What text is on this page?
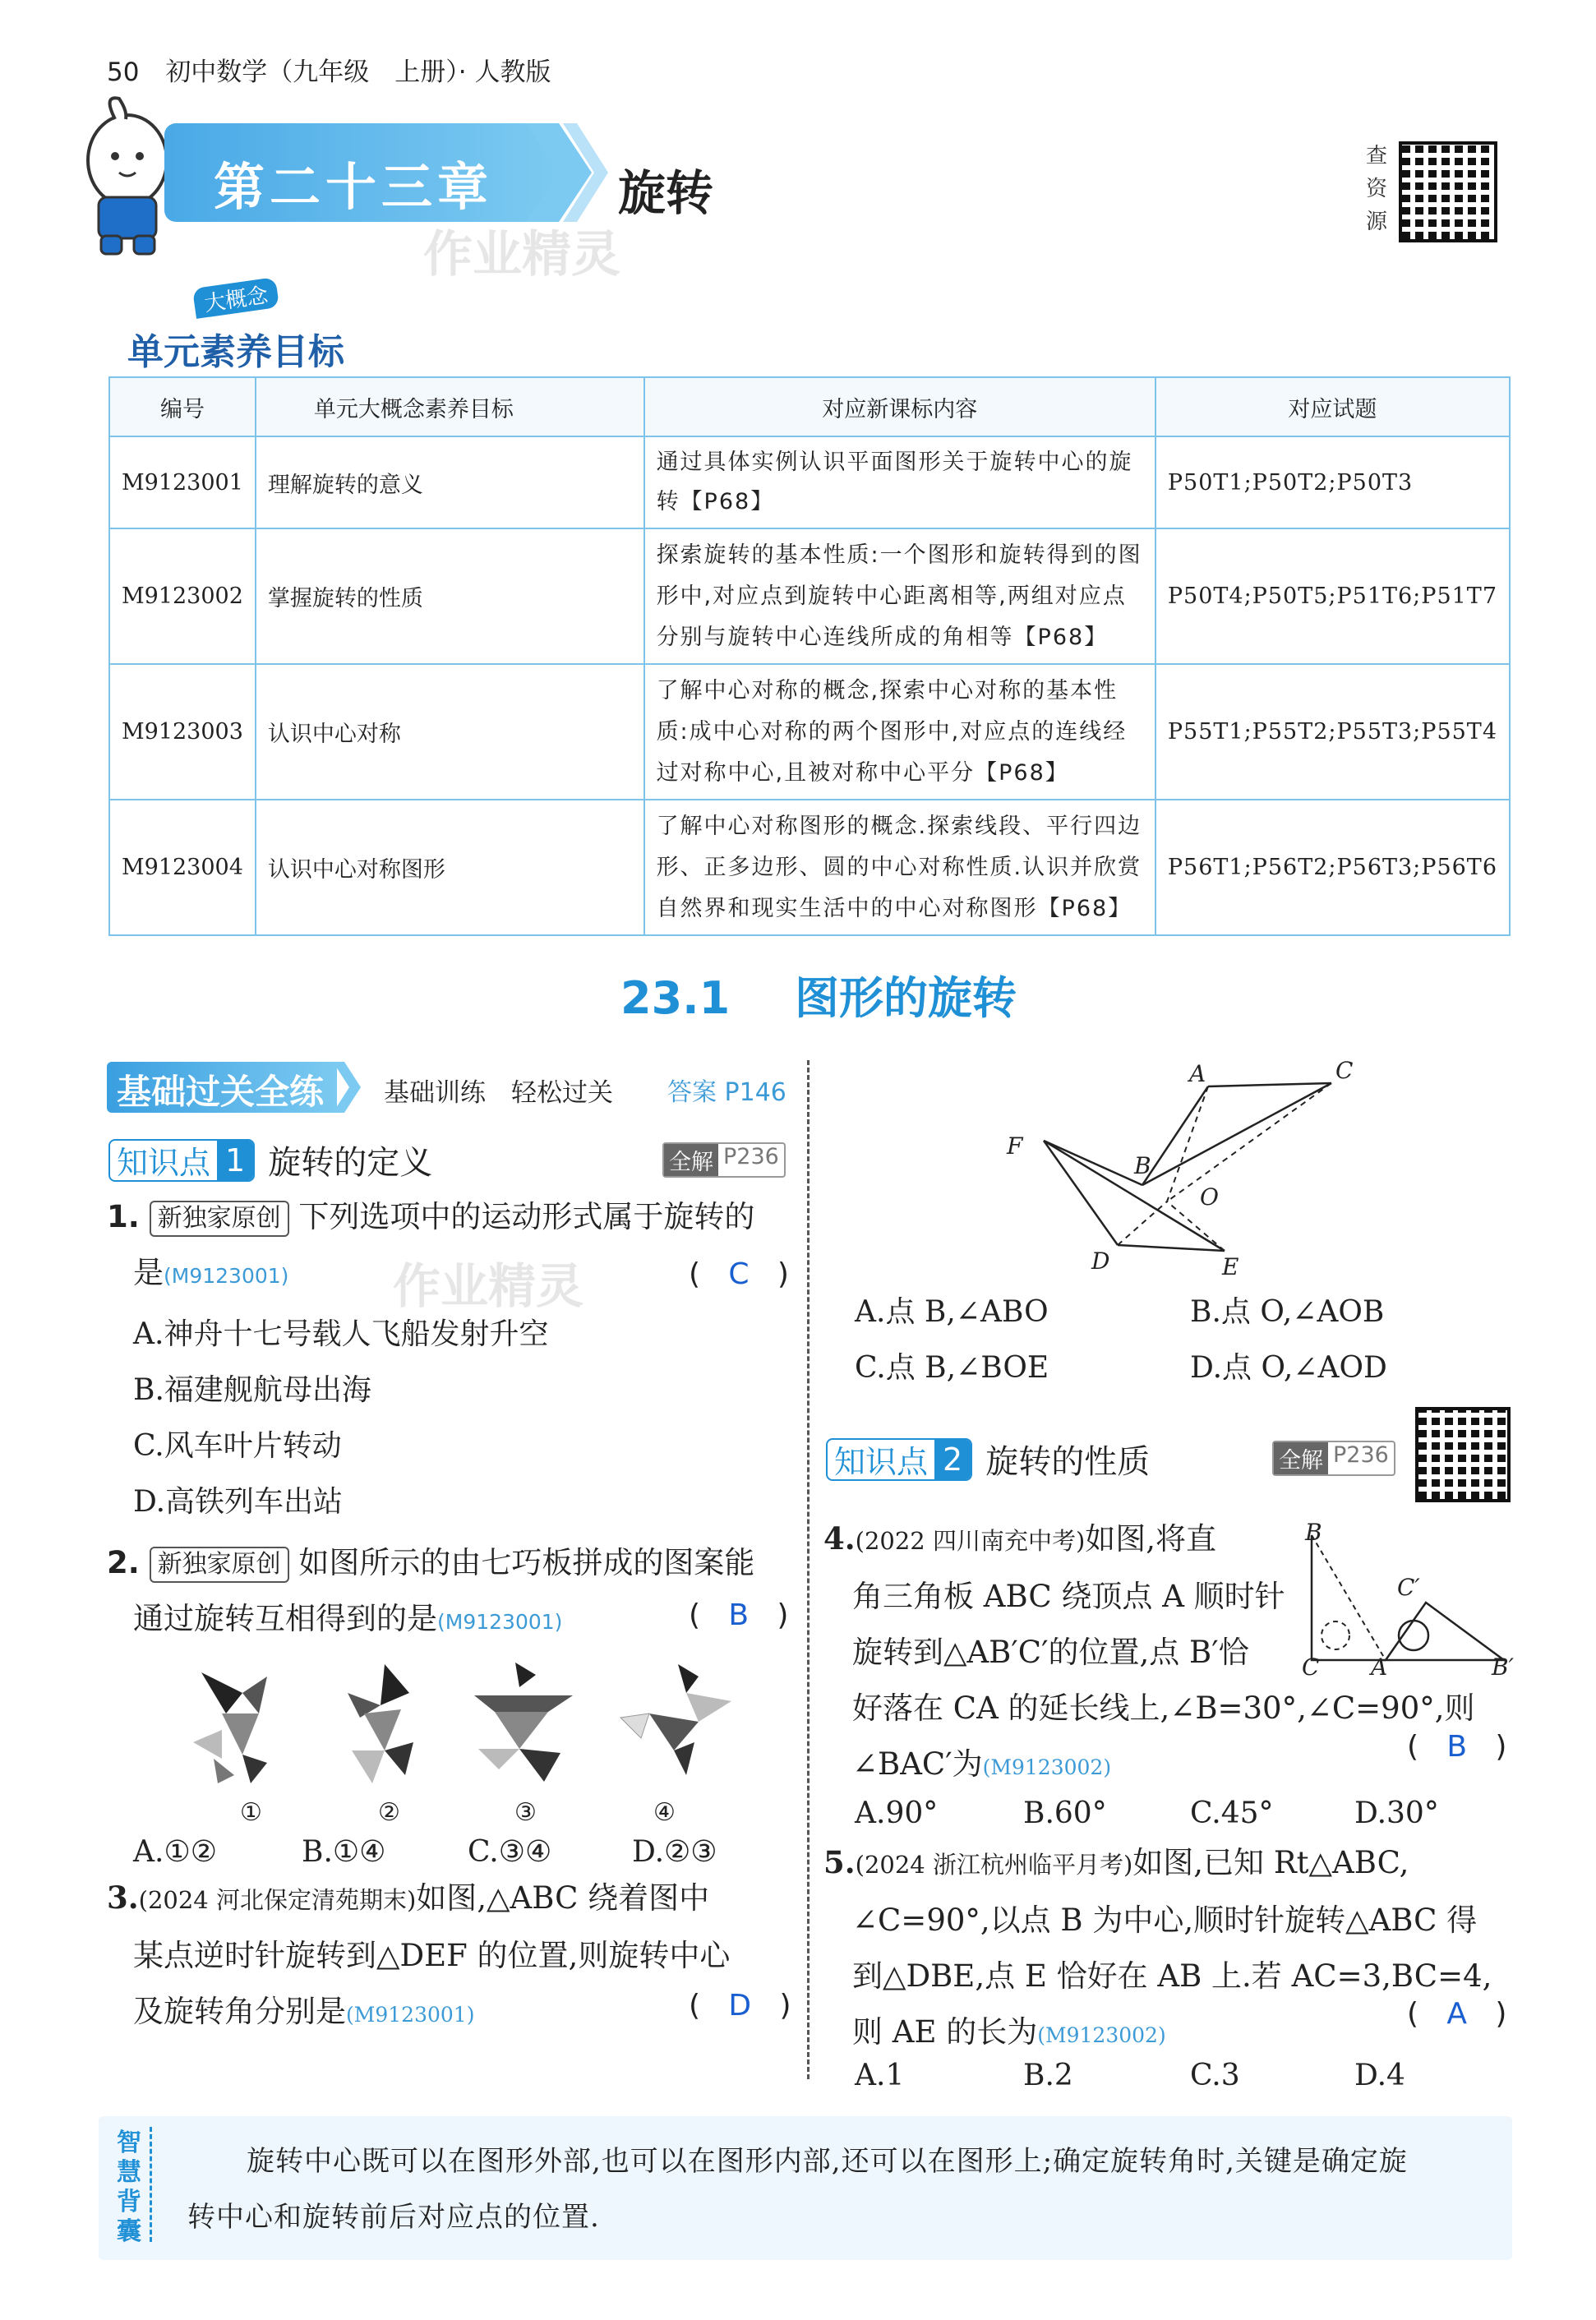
50 初中数学（九年级　上册）· 人教版
第二十三章	旋转
作业精灵
查资源
大概念
单元素养目标
编号	单元大概念素养目标	对应新课标内容	对应试题
M9123001	理解旋转的意义	通过具体实例认识平面图形关于旋转中心的旋转【P68】	P50T1;P50T2;P50T3
M9123002	掌握旋转的性质	探索旋转的基本性质:一个图形和旋转得到的图形中,对应点到旋转中心距离相等,两组对应点分别与旋转中心连线所成的角相等【P68】	P50T4;P50T5;P51T6;P51T7
M9123003	认识中心对称	了解中心对称的概念,探索中心对称的基本性质:成中心对称的两个图形中,对应点的连线经过对称中心,且被对称中心平分【P68】	P55T1;P55T2;P55T3;P55T4
M9123004	认识中心对称图形	了解中心对称图形的概念.探索线段、平行四边形、正多边形、圆的中心对称性质.认识并欣赏自然界和现实生活中的中心对称图形【P68】	P56T1;P56T2;P56T3;P56T6
23.1 图形的旋转
基础过关全练 基础训练　轻松过关 答案 P146
知识点 1 旋转的定义	全解 P236
1. 新独家原创 下列选项中的运动形式属于旋转的
是(M9123001)	(   C   )
作业精灵
A.神舟十七号载人飞船发射升空
B.福建舰航母出海
C.风车叶片转动
D.高铁列车出站
2. 新独家原创 如图所示的由七巧板拼成的图案能
通过旋转互相得到的是(M9123001)	(   B   )
①	②	③	④
A.①②	B.①④	C.③④	D.②③
3.(2024 河北保定清苑期末)如图,△ABC 绕着图中
某点逆时针旋转到△DEF 的位置,则旋转中心
及旋转角分别是(M9123001)	(   D   )
A	C
F
B
O
D	E
A.点 B,∠ABO	B.点 O,∠AOB
C.点 B,∠BOE	D.点 O,∠AOD
知识点 2 旋转的性质	全解 P236
4.(2022 四川南充中考)如图,将直
角三角板 ABC 绕顶点 A 顺时针
旋转到△AB′C′的位置,点 B′恰
好落在 CA 的延长线上,∠B=30°,∠C=90°,则
∠BAC′为(M9123002)
(   B   )
B
C′
C A	B′
A.90°	B.60°	C.45°	D.30°
5.(2024 浙江杭州临平月考)如图,已知 Rt△ABC,
∠C=90°,以点 B 为中心,顺时针旋转△ABC 得
到△DBE,点 E 恰好在 AB 上.若 AC=3,BC=4,
则 AE 的长为(M9123002)
(   A   )
A.1	B.2	C.3	D.4
智慧背囊
旋转中心既可以在图形外部,也可以在图形内部,还可以在图形上;确定旋转角时,关键是确定旋
转中心和旋转前后对应点的位置.
